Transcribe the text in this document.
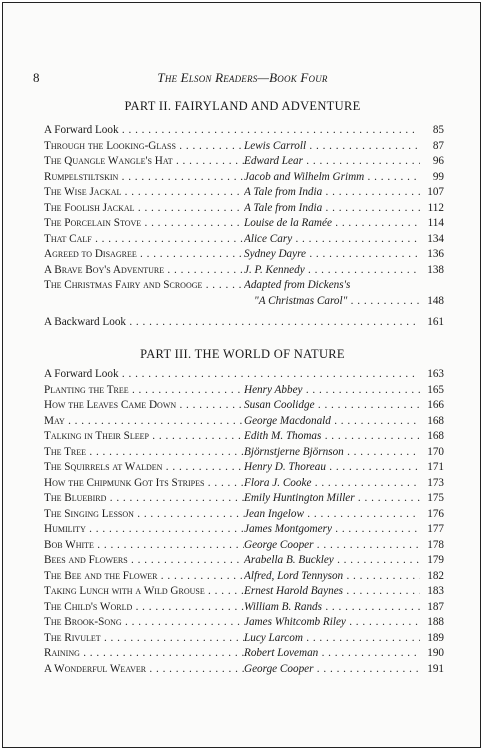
8	The Elson Readers—Book Four
PART II. FAIRYLAND AND ADVENTURE
A Forward Look . . .	85
Through the Looking-Glass . . .	Lewis Carroll . . .	87
The Quangle Wangle's Hat . . .	Edward Lear . . .	96
Rumpelstiltskin . . .	Jacob and Wilhelm Grimm . . .	99
The Wise Jackal . . .	A Tale from India . . .	107
The Foolish Jackal . . .	A Tale from India . . .	112
The Porcelain Stove . . .	Louise de la Ramée . . .	114
That Calf . . .	Alice Cary . . .	134
Agreed to Disagree . . .	Sydney Dayre . . .	136
A Brave Boy's Adventure . . .	J. P. Kennedy . . .	138
The Christmas Fairy and Scrooge . . .	Adapted from Dickens's
"A Christmas Carol" . . .	148
A Backward Look . . .	161
PART III. THE WORLD OF NATURE
A Forward Look . . .	163
Planting the Tree . . .	Henry Abbey . . .	165
How the Leaves Came Down . . .	Susan Coolidge . . .	166
May . . .	George Macdonald . . .	168
Talking in Their Sleep . . .	Edith M. Thomas . . .	168
The Tree . . .	Björnstjerne Björnson . . .	170
The Squirrels at Walden . . .	Henry D. Thoreau . . .	171
How the Chipmunk Got Its Stripes . . .	Flora J. Cooke . . .	173
The Bluebird . . .	Emily Huntington Miller . . .	175
The Singing Lesson . . .	Jean Ingelow . . .	176
Humility . . .	James Montgomery . . .	177
Bob White . . .	George Cooper . . .	178
Bees and Flowers . . .	Arabella B. Buckley . . .	179
The Bee and the Flower . . .	Alfred, Lord Tennyson . . .	182
Taking Lunch with a Wild Grouse . . .	Ernest Harold Baynes . . .	183
The Child's World . . .	William B. Rands . . .	187
The Brook-Song . . .	James Whitcomb Riley . . .	188
The Rivulet . . .	Lucy Larcom . . .	189
Raining . . .	Robert Loveman . . .	190
A Wonderful Weaver . . .	George Cooper . . .	191
